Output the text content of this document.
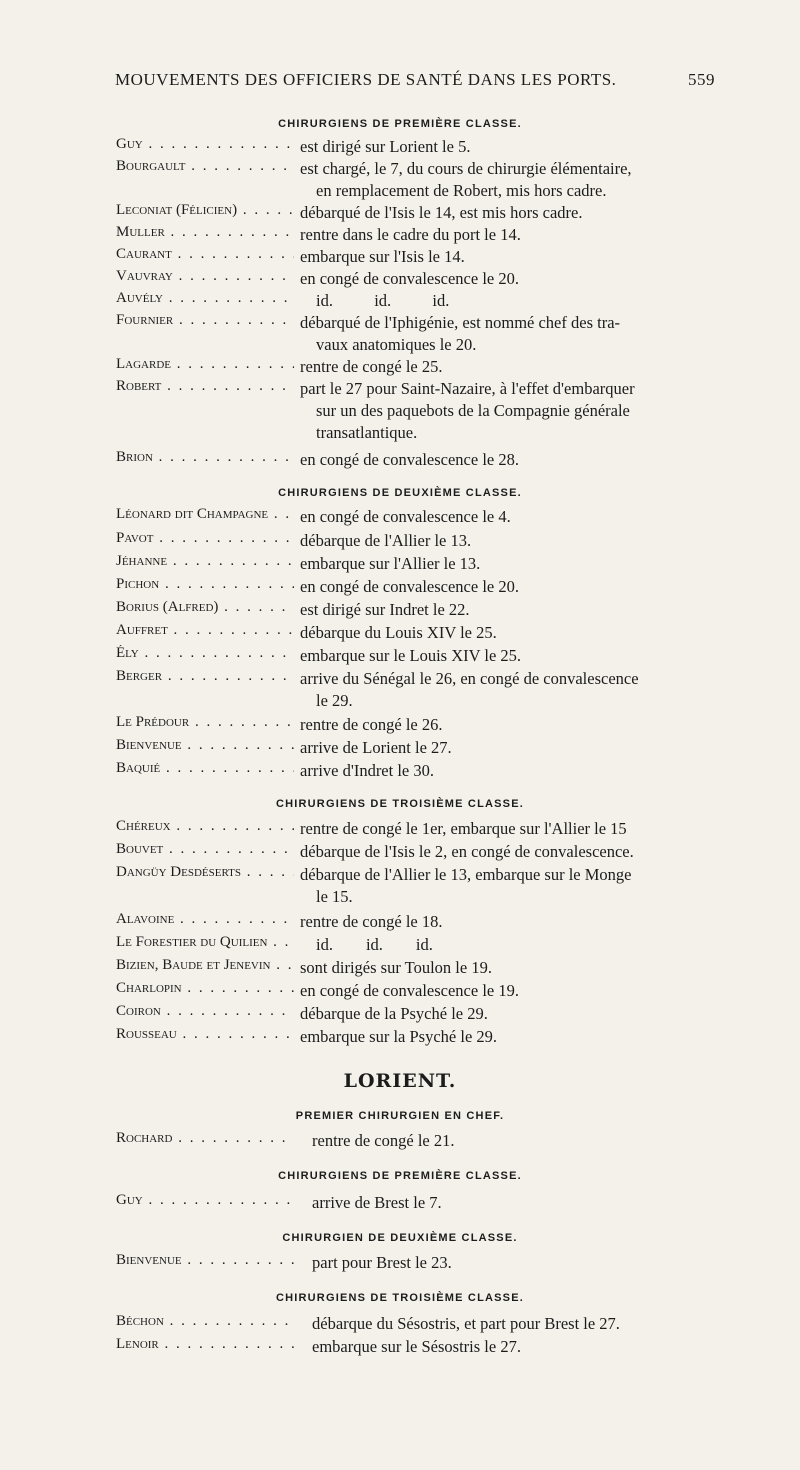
MOUVEMENTS DES OFFICIERS DE SANTÉ DANS LES PORTS.	559
CHIRURGIENS DE PREMIÈRE CLASSE.
Guy . . .	est dirigé sur Lorient le 5.
Bourgault . . .	est chargé, le 7, du cours de chirurgie élémentaire,
en remplacement de Robert, mis hors cadre.
Leconiat (Félicien) . . .	débarqué de l'Isis le 14, est mis hors cadre.
Muller . . .	rentre dans le cadre du port le 14.
Caurant . . .	embarque sur l'Isis le 14.
Vauvray . . .	en congé de convalescence le 20.
Auvély . . .	id.          id.          id.
Fournier . . .	débarqué de l'Iphigénie, est nommé chef des tra-
vaux anatomiques le 20.
Lagarde . . .	rentre de congé le 25.
Robert . . .	part le 27 pour Saint-Nazaire, à l'effet d'embarquer
sur un des paquebots de la Compagnie générale
transatlantique.
Brion . . .	en congé de convalescence le 28.
CHIRURGIENS DE DEUXIÈME CLASSE.
Léonard dit Champagne . . .	en congé de convalescence le 4.
Pavot . . .	débarque de l'Allier le 13.
Jéhanne . . .	embarque sur l'Allier le 13.
Pichon . . .	en congé de convalescence le 20.
Borius (Alfred) . . .	est dirigé sur Indret le 22.
Auffret . . .	débarque du Louis XIV le 25.
Ély . . .	embarque sur le Louis XIV le 25.
Berger . . .	arrive du Sénégal le 26, en congé de convalescence
le 29.
Le Prédour . . .	rentre de congé le 26.
Bienvenue . . .	arrive de Lorient le 27.
Baquié . . .	arrive d'Indret le 30.
CHIRURGIENS DE TROISIÈME CLASSE.
Chéreux . . .	rentre de congé le 1er, embarque sur l'Allier le 15
Bouvet . . .	débarque de l'Isis le 2, en congé de convalescence.
Dangüy Desdéserts . . .	débarque de l'Allier le 13, embarque sur le Monge
le 15.
Alavoine . . .	rentre de congé le 18.
Le Forestier du Quilien . . .	id.        id.        id.
Bizien, Baude et Jenevin . . .	sont dirigés sur Toulon le 19.
Charlopin . . .	en congé de convalescence le 19.
Coiron . . .	débarque de la Psyché le 29.
Rousseau . . .	embarque sur la Psyché le 29.
LORIENT.
PREMIER CHIRURGIEN EN CHEF.
Rochard . . .	rentre de congé le 21.
CHIRURGIENS DE PREMIÈRE CLASSE.
Guy . . .	arrive de Brest le 7.
CHIRURGIEN DE DEUXIÈME CLASSE.
Bienvenue . . .	part pour Brest le 23.
CHIRURGIENS DE TROISIÈME CLASSE.
Béchon . . .	débarque du Sésostris, et part pour Brest le 27.
Lenoir . . .	embarque sur le Sésostris le 27.
